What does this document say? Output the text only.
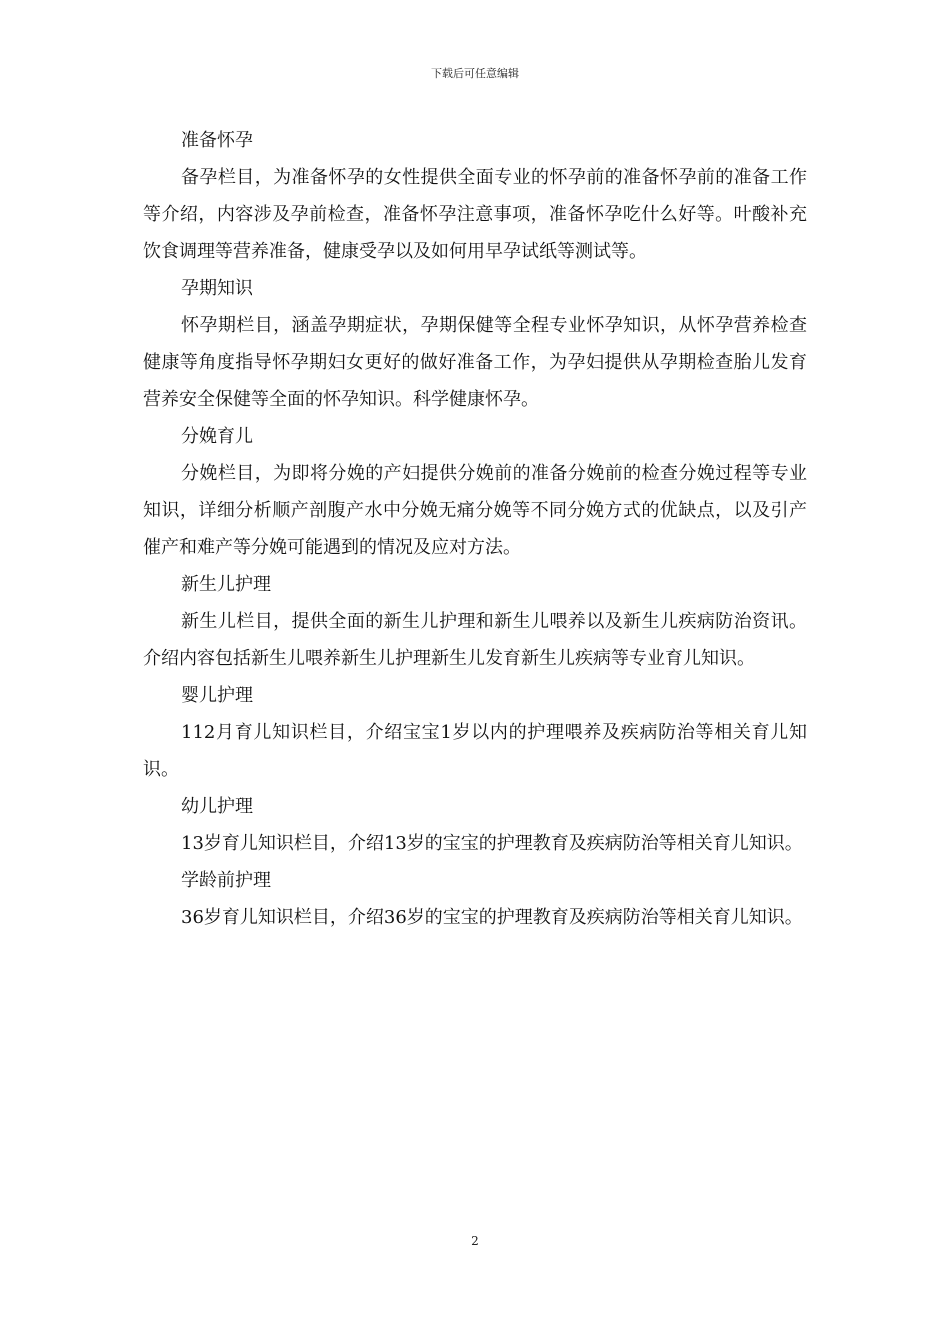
下载后可任意编辑

准备怀孕

备孕栏目，为准备怀孕的女性提供全面专业的怀孕前的准备怀孕前的准备工作等介绍，内容涉及孕前检查，准备怀孕注意事项，准备怀孕吃什么好等。叶酸补充饮食调理等营养准备，健康受孕以及如何用早孕试纸等测试等。

孕期知识

怀孕期栏目，涵盖孕期症状，孕期保健等全程专业怀孕知识，从怀孕营养检查健康等角度指导怀孕期妇女更好的做好准备工作，为孕妇提供从孕期检查胎儿发育营养安全保健等全面的怀孕知识。科学健康怀孕。

分娩育儿

分娩栏目，为即将分娩的产妇提供分娩前的准备分娩前的检查分娩过程等专业知识，详细分析顺产剖腹产水中分娩无痛分娩等不同分娩方式的优缺点，以及引产催产和难产等分娩可能遇到的情况及应对方法。

新生儿护理

新生儿栏目，提供全面的新生儿护理和新生儿喂养以及新生儿疾病防治资讯。介绍内容包括新生儿喂养新生儿护理新生儿发育新生儿疾病等专业育儿知识。

婴儿护理

112月育儿知识栏目，介绍宝宝1岁以内的护理喂养及疾病防治等相关育儿知识。

幼儿护理

13岁育儿知识栏目，介绍13岁的宝宝的护理教育及疾病防治等相关育儿知识。

学龄前护理

36岁育儿知识栏目，介绍36岁的宝宝的护理教育及疾病防治等相关育儿知识。

2
